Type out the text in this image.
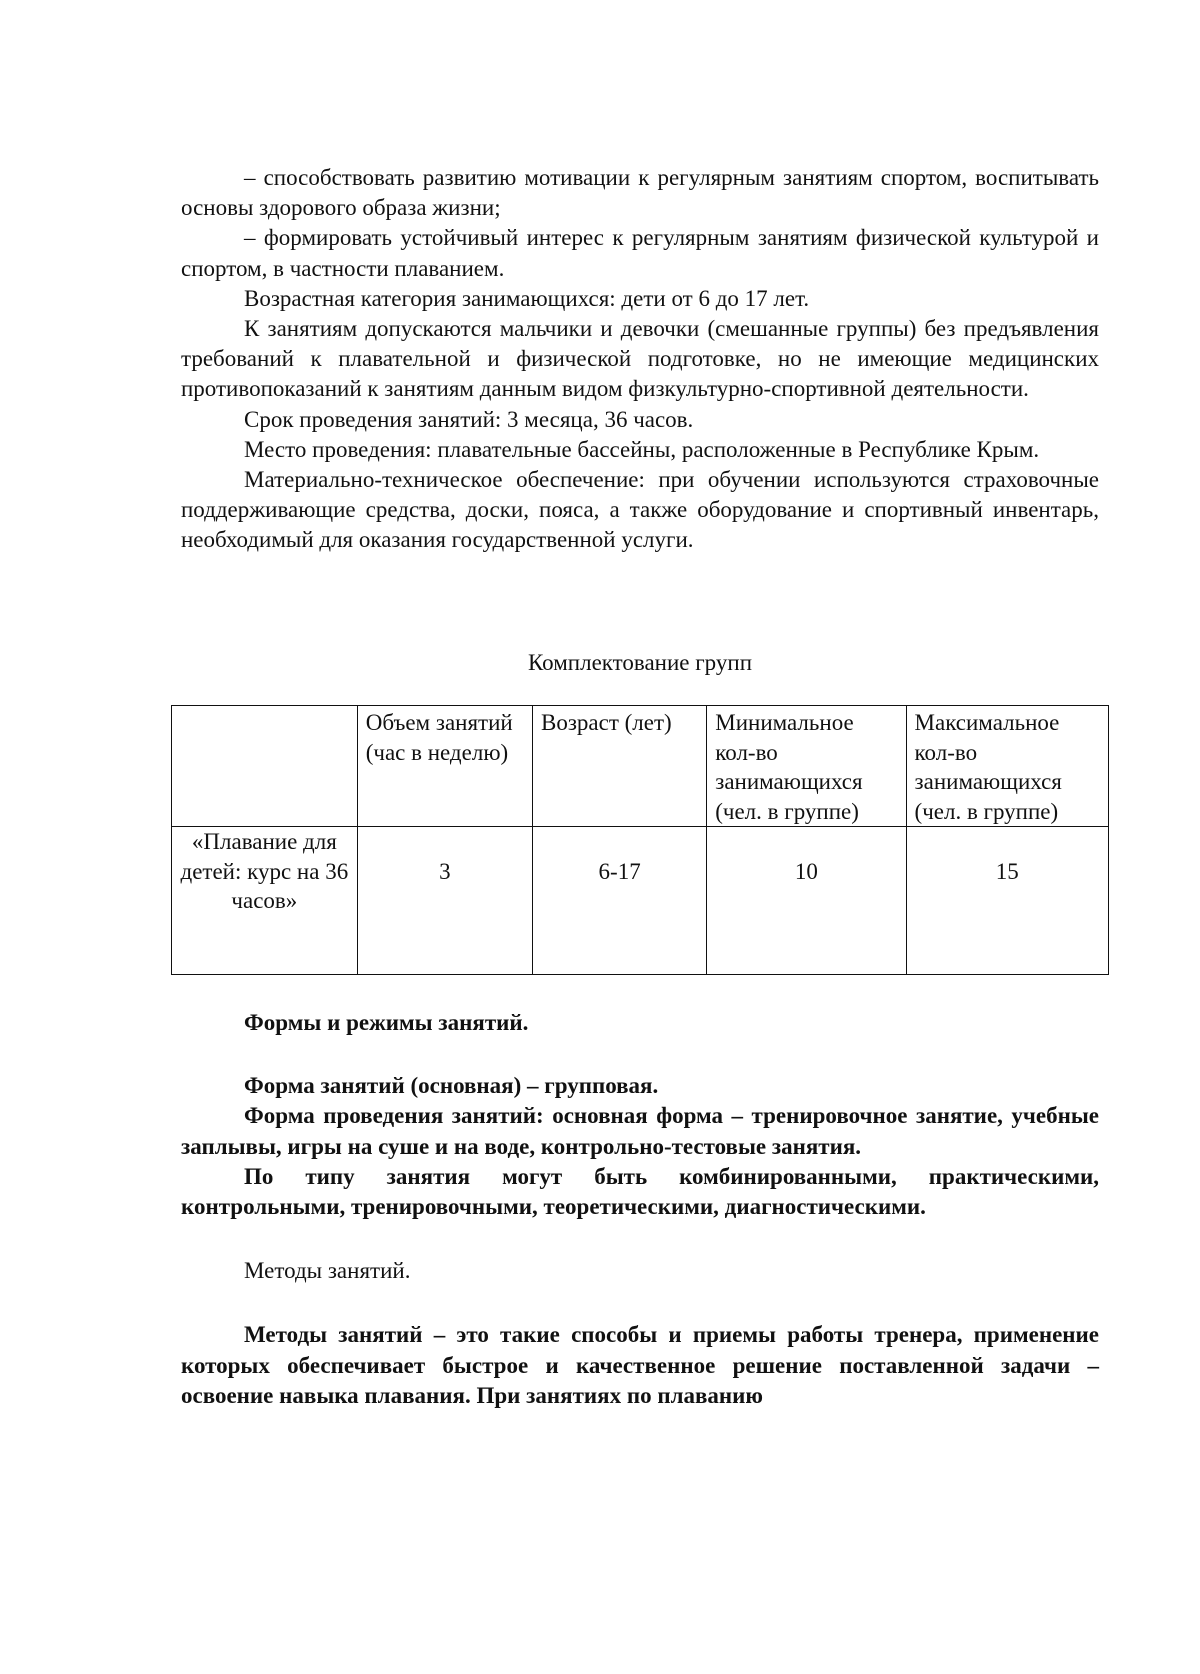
– способствовать развитию мотивации к регулярным занятиям спортом, воспитывать основы здорового образа жизни;

– формировать устойчивый интерес к регулярным занятиям физической культурой и спортом, в частности плаванием.

Возрастная категория занимающихся: дети от 6 до 17 лет.

К занятиям допускаются мальчики и девочки (смешанные группы) без предъявления требований к плавательной и физической подготовке, но не имеющие медицинских противопоказаний к занятиям данным видом физкультурно-спортивной деятельности.

Срок проведения занятий: 3 месяца, 36 часов.

Место проведения: плавательные бассейны, расположенные в Республике Крым.

Материально-техническое обеспечение: при обучении используются страховочные поддерживающие средства, доски, пояса, а также оборудование и спортивный инвентарь, необходимый для оказания государственной услуги.

Комплектование групп

	Объем занятий (час в неделю)	Возраст (лет)	Минимальное кол-во занимающихся (чел. в группе)	Максимальное кол-во занимающихся (чел. в группе)
«Плавание для детей: курс на 36 часов»	3	6-17	10	15

Формы и режимы занятий.

Форма занятий (основная) – групповая.

Форма проведения занятий: основная форма – тренировочное занятие, учебные заплывы, игры на суше и на воде, контрольно-тестовые занятия.

По типу занятия могут быть комбинированными, практическими, контрольными, тренировочными, теоретическими, диагностическими.

Методы занятий.

Методы занятий – это такие способы и приемы работы тренера, применение которых обеспечивает быстрое и качественное решение поставленной задачи – освоение навыка плавания. При занятиях по плаванию
